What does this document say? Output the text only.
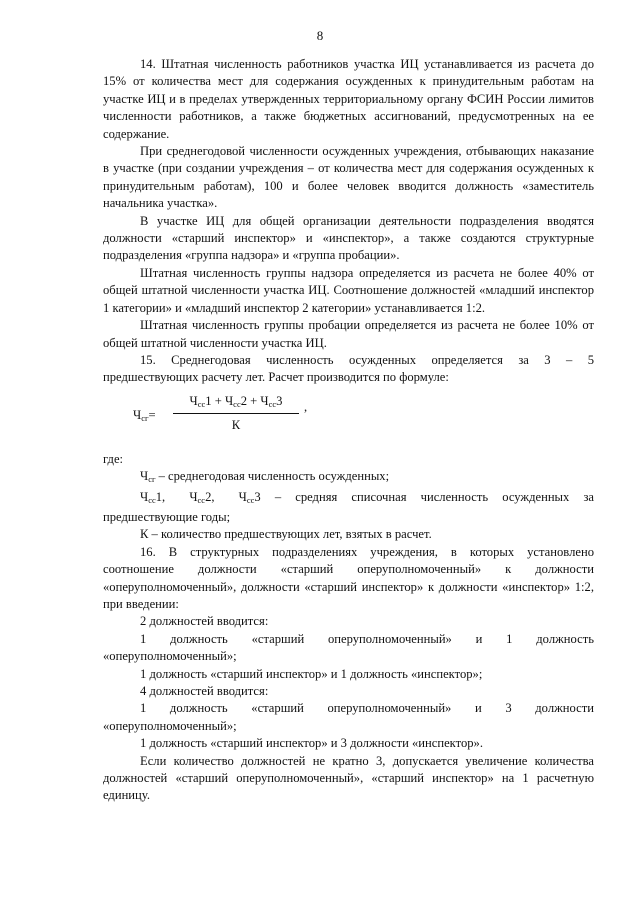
8

14. Штатная численность работников участка ИЦ устанавливается из расчета до 15% от количества мест для содержания осужденных к принудительным работам на участке ИЦ и в пределах утвержденных территориальному органу ФСИН России лимитов численности работников, а также бюджетных ассигнований, предусмотренных на ее содержание.

При среднегодовой численности осужденных учреждения, отбывающих наказание в участке (при создании учреждения – от количества мест для содержания осужденных к принудительным работам), 100 и более человек вводится должность «заместитель начальника участка».

В участке ИЦ для общей организации деятельности подразделения вводятся должности «старший инспектор» и «инспектор», а также создаются структурные подразделения «группа надзора» и «группа пробации».

Штатная численность группы надзора определяется из расчета не более 40% от общей штатной численности участка ИЦ. Соотношение должностей «младший инспектор 1 категории» и «младший инспектор 2 категории» устанавливается 1:2.

Штатная численность группы пробации определяется из расчета не более 10% от общей штатной численности участка ИЦ.

15. Среднегодовая численность осужденных определяется за 3 – 5 предшествующих расчету лет. Расчет производится по формуле:

$Ч_{сг}=$
$Ч_{сс}1 + Ч_{сс}2 + Ч_{сс}3$
К
,

где:

$Ч_{сг}$ – среднегодовая численность осужденных;

$Ч_{сс}1$, $Ч_{сс}2$, $Ч_{сс}3$ – средняя списочная численность осужденных за предшествующие годы;

К – количество предшествующих лет, взятых в расчет.

16. В структурных подразделениях учреждения, в которых установлено соотношение должности «старший оперуполномоченный» к должности «оперуполномоченный», должности «старший инспектор» к должности «инспектор» 1:2, при введении:

2 должностей вводится:

1 должность «старший оперуполномоченный» и 1 должность «оперуполномоченный»;

1 должность «старший инспектор» и 1 должность «инспектор»;

4 должностей вводится:

1 должность «старший оперуполномоченный» и 3 должности «оперуполномоченный»;

1 должность «старший инспектор» и 3 должности «инспектор».

Если количество должностей не кратно 3, допускается увеличение количества должностей «старший оперуполномоченный», «старший инспектор» на 1 расчетную единицу.
